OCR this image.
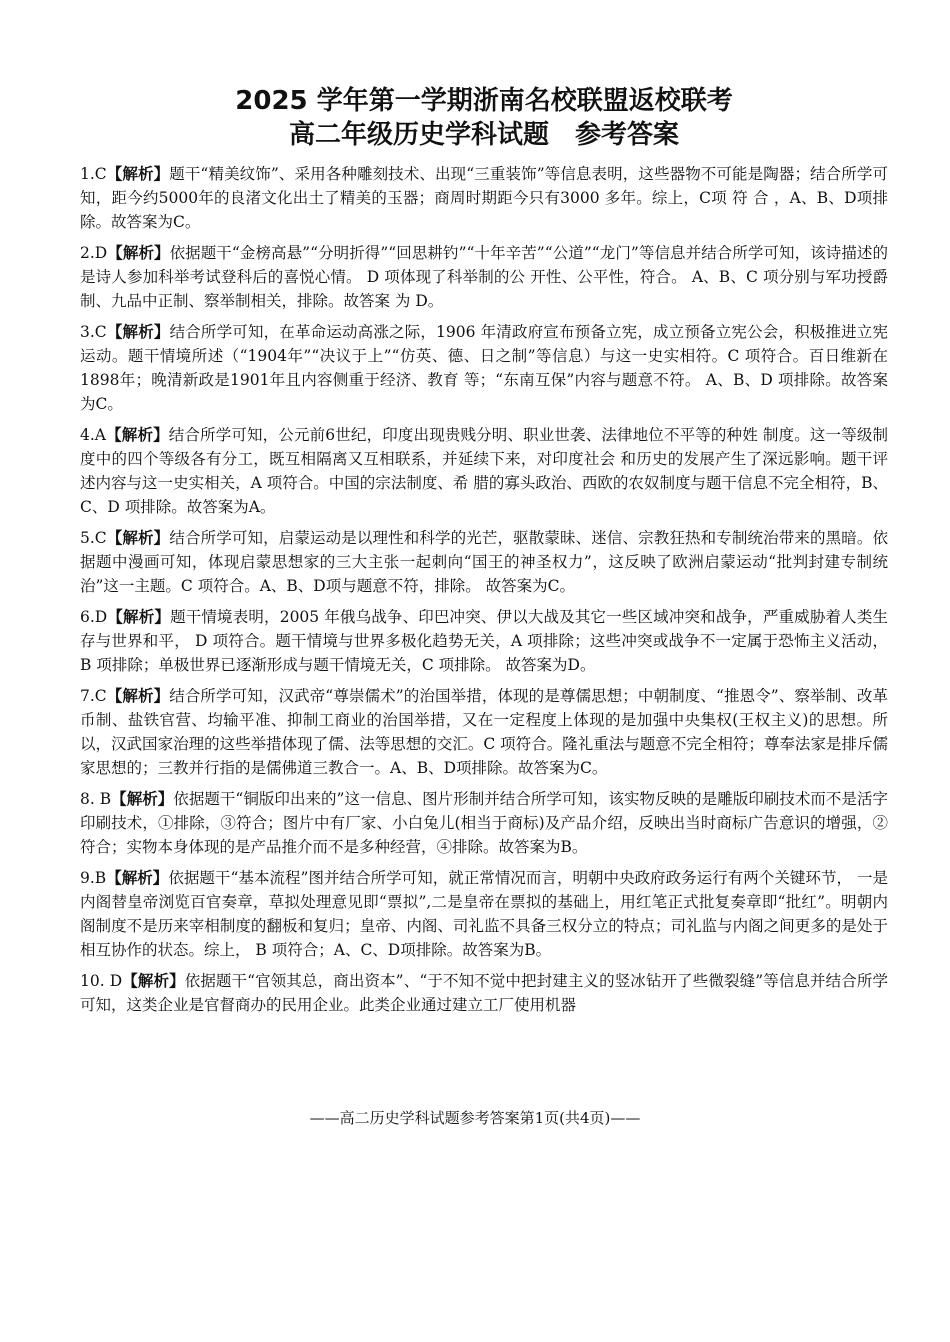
2025 学年第一学期浙南名校联盟返校联考
高二年级历史学科试题　参考答案

1.C【解析】题干“精美纹饰”、采用各种雕刻技术、出现“三重装饰”等信息表明，这些器物不可能是陶器；结合所学可知，距今约5000年的良渚文化出土了精美的玉器；商周时期距今只有3000 多年。综上，C项 符 合 ，A、B、D项排除。故答案为C。

2.D【解析】依据题干“金榜高悬”“分明折得”“回思耕钓”“十年辛苦”“公道”“龙门”等信息并结合所学可知，该诗描述的是诗人参加科举考试登科后的喜悦心情。 D 项体现了科举制的公 开性、公平性，符合。 A、B、C 项分别与军功授爵制、九品中正制、察举制相关，排除。故答案 为 D。

3.C【解析】结合所学可知，在革命运动高涨之际，1906 年清政府宣布预备立宪，成立预备立宪公会，积极推进立宪运动。题干情境所述（“1904年”“决议于上”“仿英、德、日之制”等信息）与这一史实相符。C 项符合。百日维新在1898年；晚清新政是1901年且内容侧重于经济、教育 等；“东南互保”内容与题意不符。 A、B、D 项排除。故答案为C。

4.A【解析】结合所学可知，公元前6世纪，印度出现贵贱分明、职业世袭、法律地位不平等的种姓 制度。这一等级制度中的四个等级各有分工，既互相隔离又互相联系，并延续下来，对印度社会 和历史的发展产生了深远影响。题干评述内容与这一史实相关，A 项符合。中国的宗法制度、希 腊的寡头政治、西欧的农奴制度与题干信息不完全相符，B、C、D 项排除。故答案为A。

5.C【解析】结合所学可知，启蒙运动是以理性和科学的光芒，驱散蒙昧、迷信、宗教狂热和专制统治带来的黑暗。依据题中漫画可知，体现启蒙思想家的三大主张一起刺向“国王的神圣权力”，这反映了欧洲启蒙运动“批判封建专制统治”这一主题。C 项符合。A、B、D项与题意不符，排除。 故答案为C。

6.D【解析】题干情境表明，2005 年俄乌战争、印巴冲突、伊以大战及其它一些区域冲突和战争，严重威胁着人类生存与世界和平， D 项符合。题干情境与世界多极化趋势无关，A 项排除；这些冲突或战争不一定属于恐怖主义活动， B 项排除；单极世界已逐渐形成与题干情境无关，C 项排除。 故答案为D。

7.C【解析】结合所学可知，汉武帝“尊崇儒术”的治国举措，体现的是尊儒思想；中朝制度、“推恩令”、察举制、改革币制、盐铁官营、均输平准、抑制工商业的治国举措，又在一定程度上体现的是加强中央集权(王权主义)的思想。所以，汉武国家治理的这些举措体现了儒、法等思想的交汇。C 项符合。隆礼重法与题意不完全相符；尊奉法家是排斥儒家思想的；三教并行指的是儒佛道三教合一。A、B、D项排除。故答案为C。

8. B【解析】依据题干“铜版印出来的”这一信息、图片形制并结合所学可知，该实物反映的是雕版印刷技术而不是活字印刷技术，①排除，③符合；图片中有厂家、小白兔儿(相当于商标)及产品介绍，反映出当时商标广告意识的增强，②符合；实物本身体现的是产品推介而不是多种经营，④排除。故答案为B。

9.B【解析】依据题干“基本流程”图并结合所学可知，就正常情况而言，明朝中央政府政务运行有两个关键环节， 一是内阁替皇帝浏览百官奏章，草拟处理意见即“票拟”,二是皇帝在票拟的基础上，用红笔正式批复奏章即“批红”。明朝内阁制度不是历来宰相制度的翻板和复归；皇帝、内阁、司礼监不具备三权分立的特点；司礼监与内阁之间更多的是处于相互协作的状态。综上， B 项符合；A、C、D项排除。故答案为B。

10. D【解析】依据题干“官领其总，商出资本”、“于不知不觉中把封建主义的竖冰钻开了些微裂缝”等信息并结合所学可知，这类企业是官督商办的民用企业。此类企业通过建立工厂使用机器

——高二历史学科试题参考答案第1页(共4页)——
